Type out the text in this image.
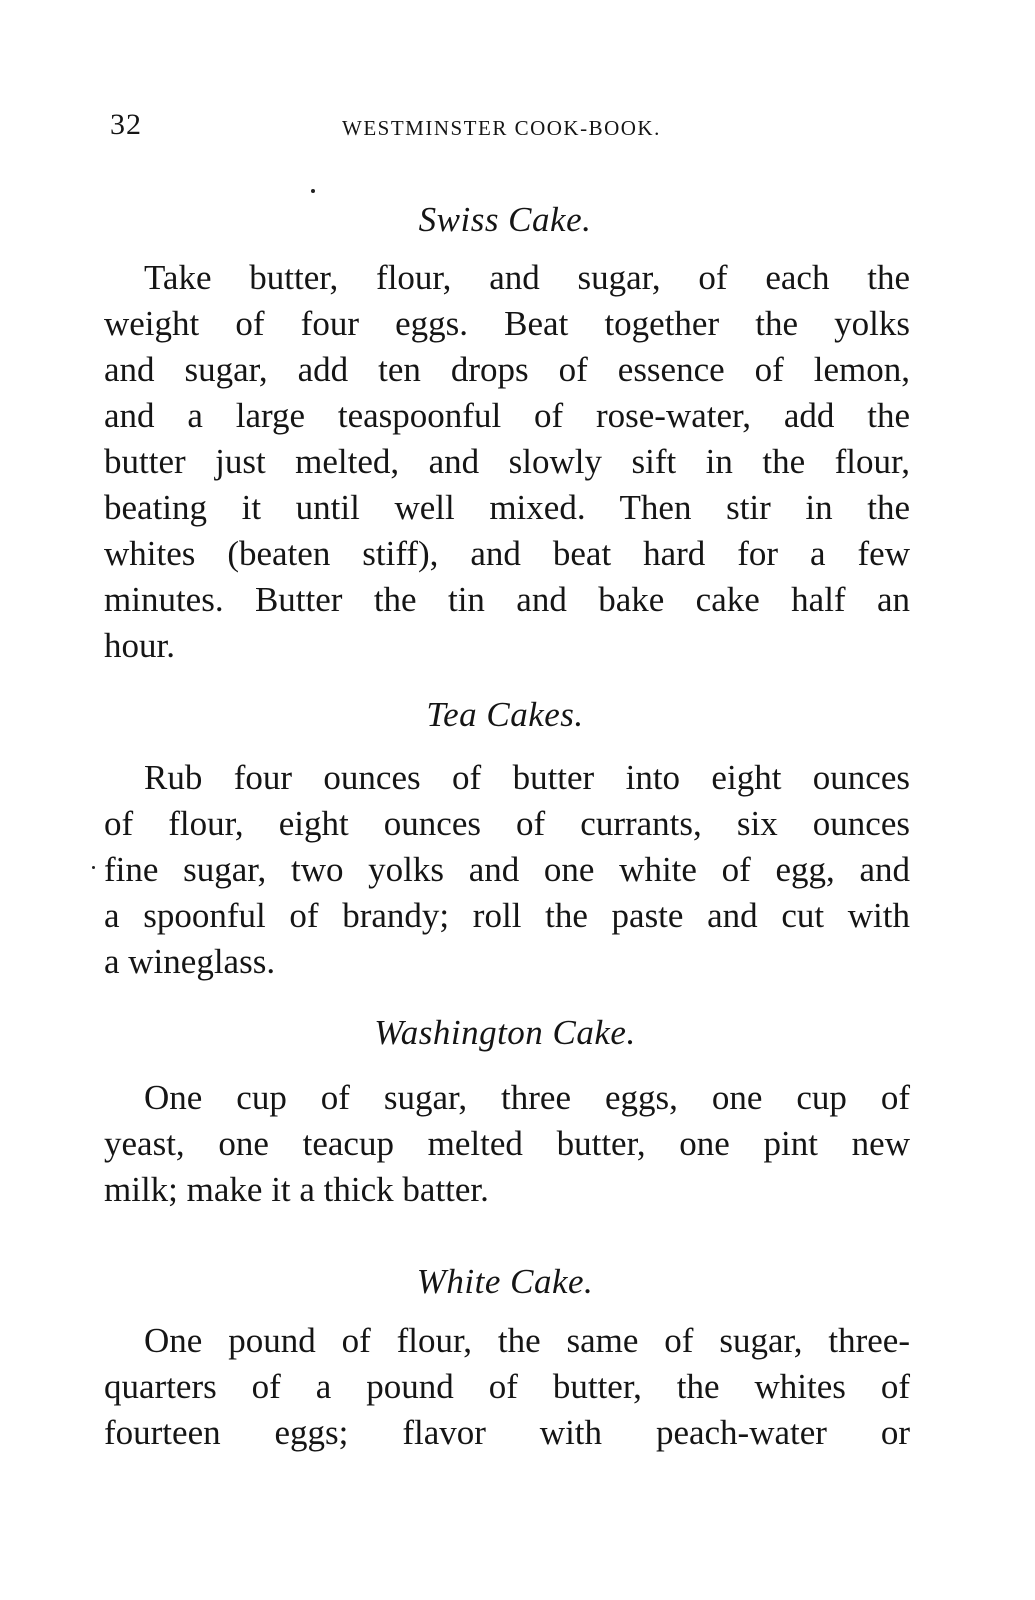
32	WESTMINSTER COOK-BOOK.
Swiss Cake.
Take butter, flour, and sugar, of each the
weight of four eggs. Beat together the yolks
and sugar, add ten drops of essence of lemon,
and a large teaspoonful of rose-water, add the
butter just melted, and slowly sift in the flour,
beating it until well mixed. Then stir in the
whites (beaten stiff), and beat hard for a few
minutes. Butter the tin and bake cake half an
hour.
Tea Cakes.
Rub four ounces of butter into eight ounces
of flour, eight ounces of currants, six ounces
fine sugar, two yolks and one white of egg, and
a spoonful of brandy; roll the paste and cut with
a wineglass.
Washington Cake.
One cup of sugar, three eggs, one cup of
yeast, one teacup melted butter, one pint new
milk; make it a thick batter.
White Cake.
One pound of flour, the same of sugar, three-
quarters of a pound of butter, the whites of
fourteen eggs; flavor with peach-water or
